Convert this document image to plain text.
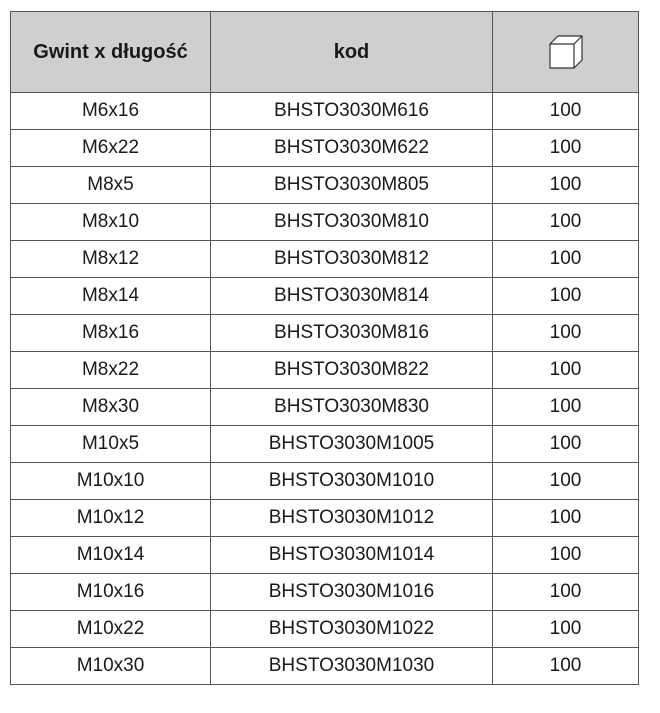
Gwint x długość	kod	
M6x16	BHSTO3030M616	100
M6x22	BHSTO3030M622	100
M8x5	BHSTO3030M805	100
M8x10	BHSTO3030M810	100
M8x12	BHSTO3030M812	100
M8x14	BHSTO3030M814	100
M8x16	BHSTO3030M816	100
M8x22	BHSTO3030M822	100
M8x30	BHSTO3030M830	100
M10x5	BHSTO3030M1005	100
M10x10	BHSTO3030M1010	100
M10x12	BHSTO3030M1012	100
M10x14	BHSTO3030M1014	100
M10x16	BHSTO3030M1016	100
M10x22	BHSTO3030M1022	100
M10x30	BHSTO3030M1030	100
